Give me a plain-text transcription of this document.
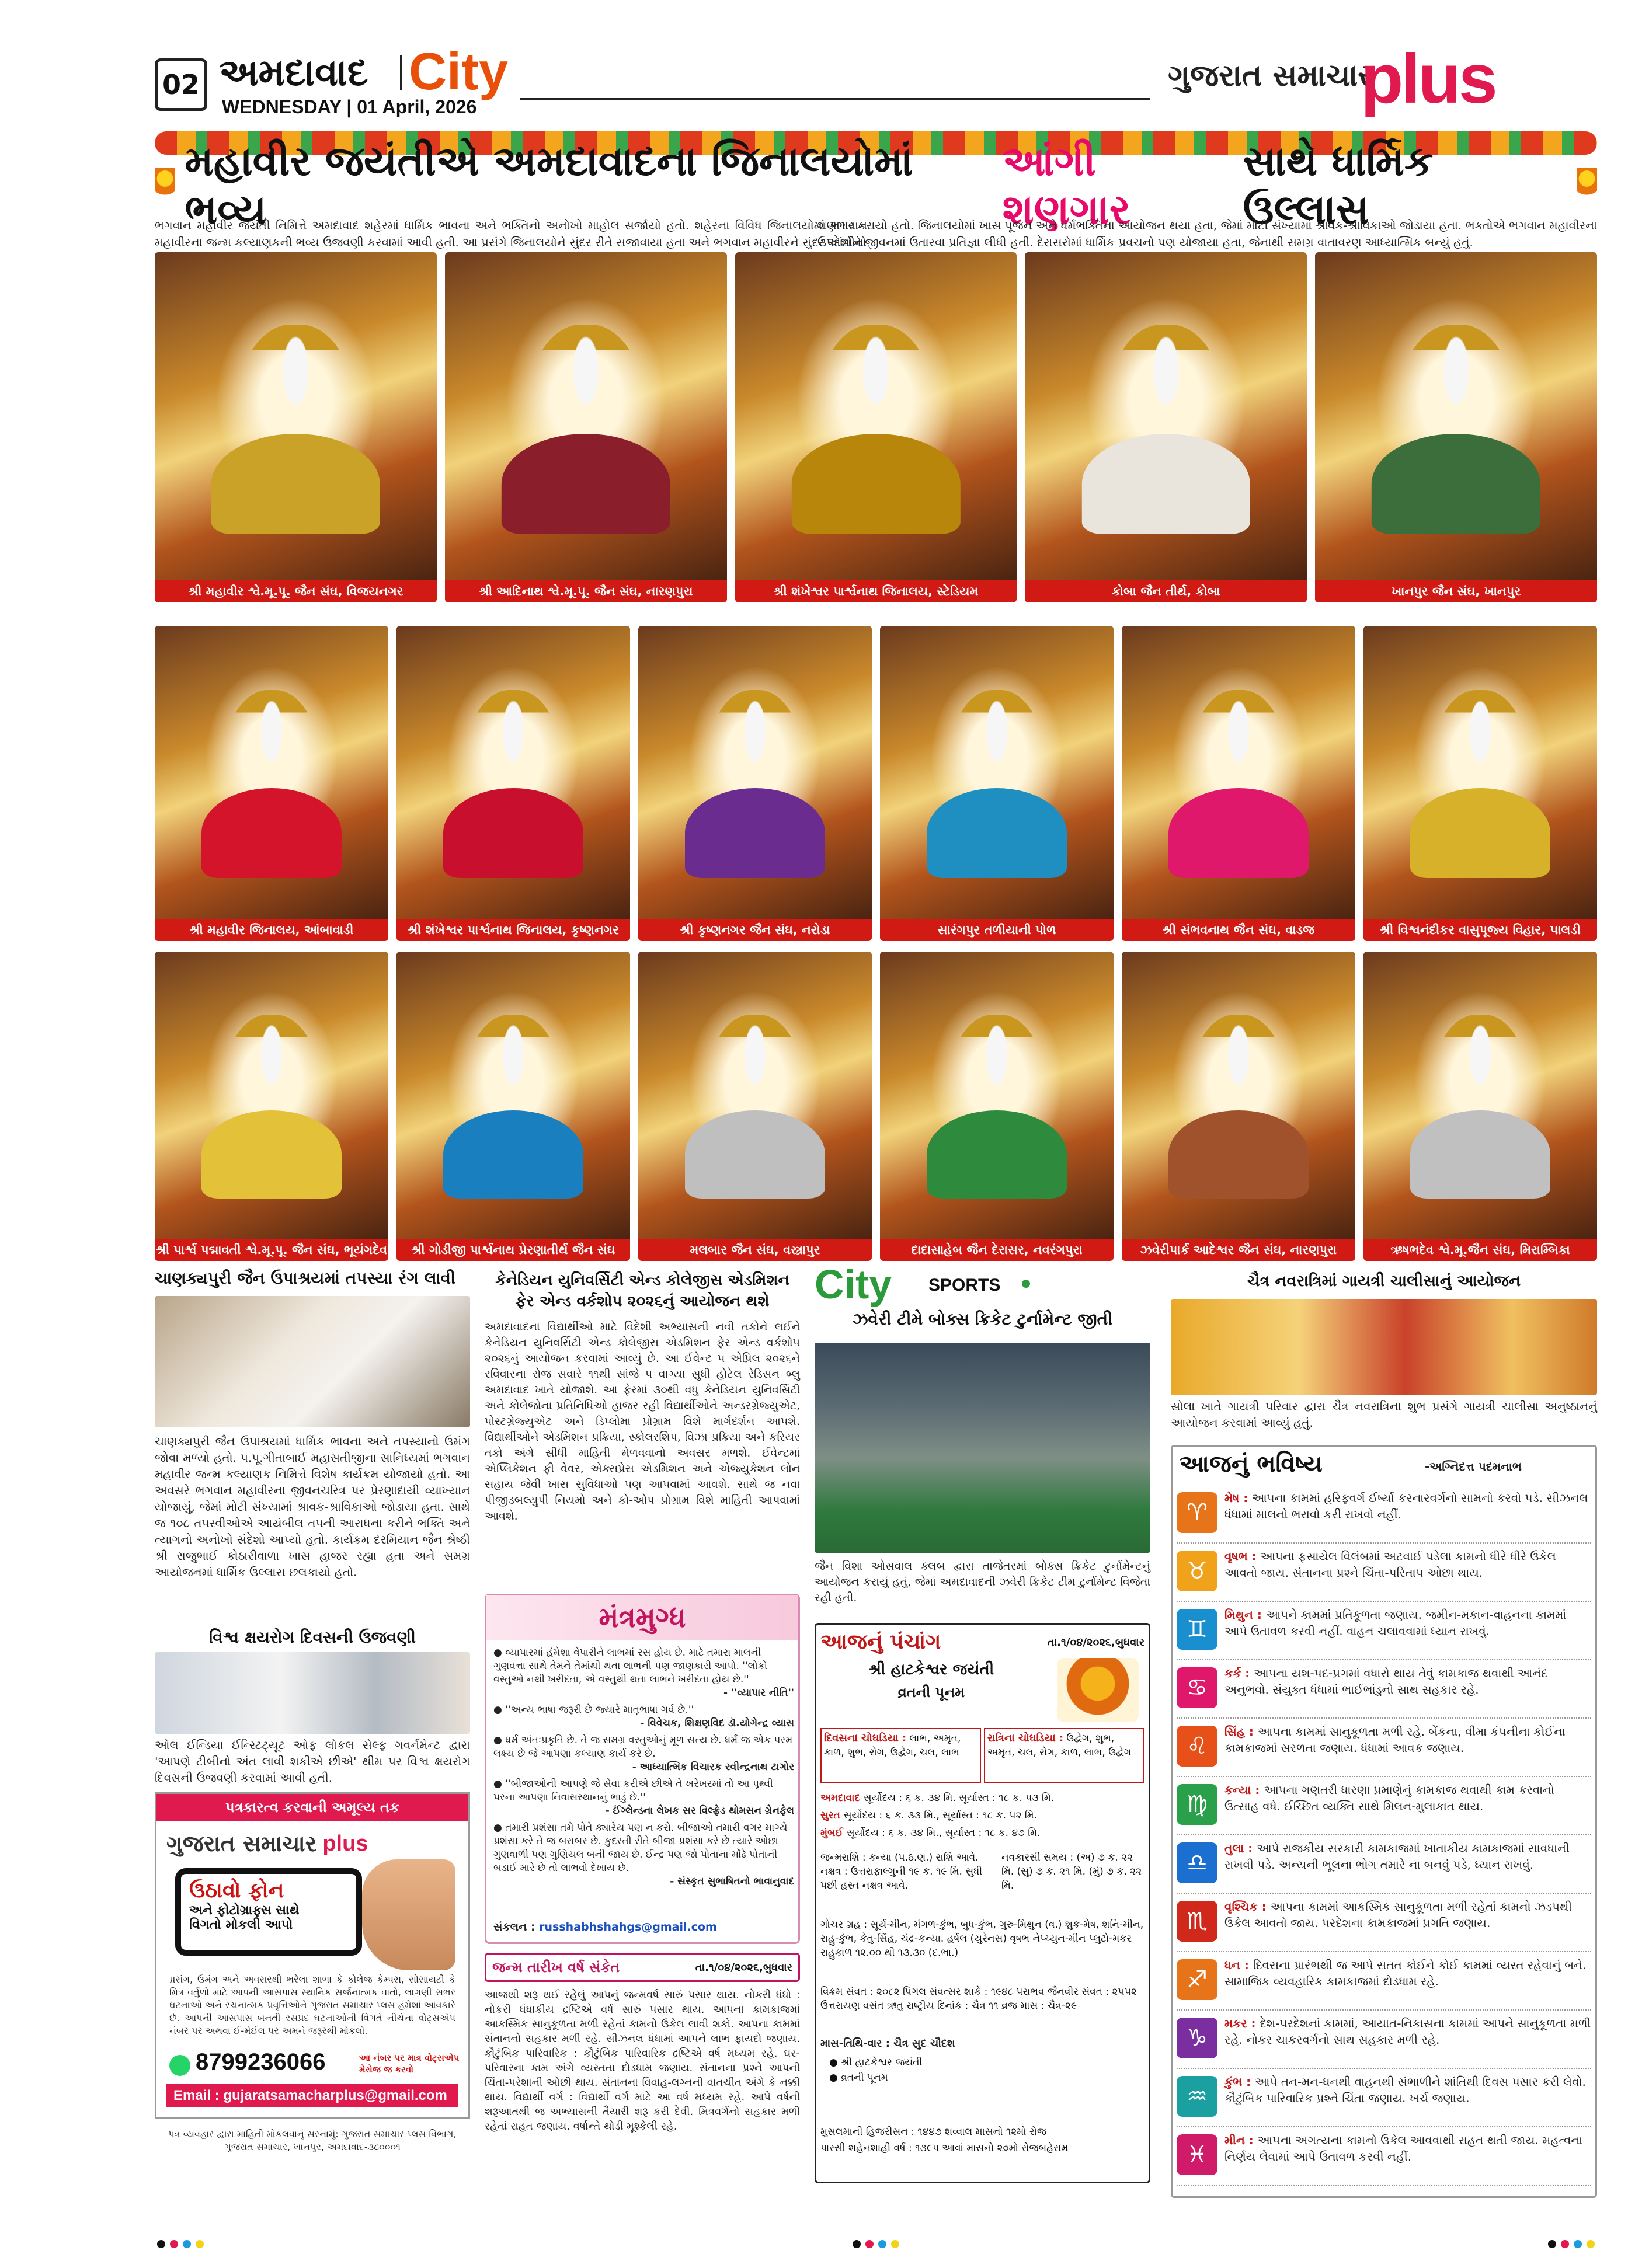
02 અમદાવાદ City
WEDNESDAY | 01 April, 2026
ગુજરાત સમાચાર
plus
મહાવીર જયંતીએ અમદાવાદના જિનાલયોમાં ભવ્ય
આંગી શણગાર
સાથે ધાર્મિક ઉલ્લાસ
ભગવાન મહાવીર જયંતી નિમિત્તે અમદાવાદ શહેરમાં ધાર્મિક ભાવના અને ભક્તિનો અનોખો માહોલ સર્જાયો હતો. શહેરના વિવિધ જિનાલયોમાં ભગવાન મહાવીરના જન્મ કલ્યાણકની ભવ્ય ઉજવણી કરવામાં આવી હતી. આ પ્રસંગે જિનાલયોને સુંદર રીતે સજાવાયા હતા અને ભગવાન મહાવીરને સુંદર આંગીનો
શણગાર કરાયો હતો. જિનાલયોમાં ખાસ પૂજન અને ધર્મભક્તિના આયોજન થયા હતા, જેમાં મોટી સંખ્યામાં શ્રાવક-શ્રાવિકાઓ જોડાયા હતા. ભક્તોએ ભગવાન મહાવીરના ઉપદેશોને જીવનમાં ઉતારવા પ્રતિજ્ઞા લીધી હતી. દેરાસરોમાં ધાર્મિક પ્રવચનો પણ યોજાયા હતા, જેનાથી સમગ્ર વાતાવરણ આધ્યાત્મિક બન્યું હતું.
શ્રી મહાવીર શ્વે.મૂ.પૂ. જૈન સંઘ, વિજયનગર	શ્રી આદિનાથ શ્વે.મૂ.પૂ. જૈન સંઘ, નારણપુરા	શ્રી શંખેશ્વર પાર્શ્વનાથ જિનાલય, સ્ટેડિયમ	કોબા જૈન તીર્થ, કોબા	ખાનપુર જૈન સંઘ, ખાનપુર
શ્રી મહાવીર જિનાલય, આંબાવાડી	શ્રી શંખેશ્વર પાર્શ્વનાથ જિનાલય, કૃષ્ણનગર	શ્રી કૃષ્ણનગર જૈન સંઘ, નરોડા	સારંગપુર તળીયાની પોળ	શ્રી સંભવનાથ જૈન સંઘ, વાડજ	શ્રી વિશ્વનંદીકર વાસુપૂજ્ય વિહાર, પાલડી
શ્રી પાર્શ્વ પદ્માવતી શ્વે.મૂ.પૂ. જૈન સંઘ, ભૂયંગદેવ	શ્રી ગોડીજી પાર્શ્વનાથ પ્રેરણાતીર્થ જૈન સંઘ	મલબાર જૈન સંઘ, વસ્ત્રાપુર	દાદાસાહેબ જૈન દેરાસર, નવરંગપુરા	ઝવેરીપાર્ક આદેશ્વર જૈન સંઘ, નારણપુરા	ઋષભદેવ શ્વે.મૂ.જૈન સંઘ, મિરામ્બિકા
ચાણક્યપુરી જૈન ઉપાશ્રયમાં તપસ્યા રંગ લાવી
ચાણક્યપુરી જૈન ઉપાશ્રયમાં ધાર્મિક ભાવના અને તપસ્યાનો ઉમંગ જોવા મળ્યો હતો. પ.પૂ.ગીતાબાઈ મહાસતીજીના સાનિધ્યમાં ભગવાન મહાવીર જન્મ કલ્યાણક નિમિત્તે વિશેષ કાર્યક્રમ યોજાયો હતો. આ અવસરે ભગવાન મહાવીરના જીવનચરિત્ર પર પ્રેરણાદાયી વ્યાખ્યાન યોજાયું, જેમાં મોટી સંખ્યામાં શ્રાવક-શ્રાવિકાઓ જોડાયા હતા. સાથે જ ૧૦૮ તપસ્વીઓએ આયંબીલ તપની આરાધના કરીને ભક્તિ અને ત્યાગનો અનોખો સંદેશો આપ્યો હતો. કાર્યક્રમ દરમિયાન જૈન શ્રેષ્ઠી શ્રી રાજુભાઈ કોઠારીવાળા ખાસ હાજર રહ્યા હતા અને સમગ્ર આયોજનમાં ધાર્મિક ઉલ્લાસ છલકાયો હતો.
વિશ્વ ક્ષયરોગ દિવસની ઉજવણી
ઓલ ઈન્ડિયા ઈન્સ્ટિટ્યૂટ ઓફ લોકલ સેલ્ફ ગવર્નમેન્ટ દ્વારા 'આપણે ટીબીનો અંત લાવી શકીએ છીએ' થીમ પર વિશ્વ ક્ષયરોગ દિવસની ઉજવણી કરવામાં આવી હતી.
પત્રકારત્વ કરવાની અમૂલ્ય તક
ગુજરાત સમાચાર plus
ઉઠાવો ફોન
અને ફોટોગ્રાફ્સ સાથે
વિગતો મોકલી આપો
પ્રસંગ, ઉમંગ અને અવસરથી ભરેલા શાળા કે કોલેજ કેમ્પસ, સોસાયટી કે મિત્ર વર્તુળો માટે આપની આસપાસ સ્થાનિક સર્જનાત્મક વાતો, લાગણી સભર ઘટનાઓ અને રચનાત્મક પ્રવૃત્તિઓને ગુજરાત સમાચાર પ્લસ હંમેશાં આવકારે છે. આપની આસપાસ બનતી રસપ્રદ ઘટનાઓની વિગતે નીચેના વોટ્સએપ નંબર પર અથવા ઈ-મેઈલ પર અમને જરૂરથી મોકલો.
8799236066	આ નંબર પર માત્ર વોટ્સએપ મેસેજ જ કરવો
Email : gujaratsamacharplus@gmail.com
પત્ર વ્યવહાર દ્વારા માહિતી મોકલવાનું સરનામું: ગુજરાત સમાચાર પ્લસ વિભાગ, ગુજરાત સમાચાર, ખાનપુર, અમદાવાદ-૩૮૦૦૦૧
કેનેડિયન યુનિવર્સિટી એન્ડ કોલેજીસ એડમિશન ફેર એન્ડ વર્કશોપ ૨૦૨૬નું આયોજન થશે
અમદાવાદના વિદ્યાર્થીઓ માટે વિદેશી અભ્યાસની નવી તકોને લઈને કેનેડિયન યુનિવર્સિટી એન્ડ કોલેજીસ એડમિશન ફેર એન્ડ વર્કશોપ ૨૦૨૬નું આયોજન કરવામાં આવ્યું છે. આ ઈવેન્ટ ૫ એપ્રિલ ૨૦૨૬ને રવિવારના રોજ સવારે ૧૧થી સાંજે ૫ વાગ્યા સુધી હોટેલ રેડિસન બ્લુ અમદાવાદ ખાતે યોજાશે. આ ફેરમાં ૩૦થી વધુ કેનેડિયન યુનિવર્સિટી અને કોલેજોના પ્રતિનિધિઓ હાજર રહી વિદ્યાર્થીઓને અન્ડરગ્રેજ્યુએટ, પોસ્ટગ્રેજ્યુએટ અને ડિપ્લોમા પ્રોગ્રામ વિશે માર્ગદર્શન આપશે. વિદ્યાર્થીઓને એડમિશન પ્રક્રિયા, સ્કોલરશિપ, વિઝા પ્રક્રિયા અને કરિયર તકો અંગે સીધી માહિતી મેળવવાનો અવસર મળશે. ઈવેન્ટમાં એપ્લિકેશન ફી વેવર, એક્સપ્રેસ એડમિશન અને એજ્યુકેશન લોન સહાય જેવી ખાસ સુવિધાઓ પણ આપવામાં આવશે. સાથે જ નવા પીજીડબલ્યુપી નિયમો અને કો-ઓપ પ્રોગ્રામ વિશે માહિતી આપવામાં આવશે.
મંત્રમુગ્ધ
● વ્યાપારમાં હંમેશા વેપારીને લાભમાં રસ હોય છે. માટે તમારા માલની ગુણવત્તા સાથે તેમને તેમાંથી થતા લાભની પણ જાણકારી આપો. ''લોકો વસ્તુઓ નથી ખરીદતા, એ વસ્તુથી થતા લાભને ખરીદતા હોય છે.''
- ''વ્યાપાર નીતિ''
● ''અન્ય ભાષા જરૂરી છે જ્યારે માતૃભાષા ગર્વ છે.''
- વિવેચક, શિક્ષણવિદ ડૉ.યોગેન્દ્ર વ્યાસ
● ધર્મ અંતઃપ્રકૃતિ છે. તે જ સમગ્ર વસ્તુઓનું મૂળ સત્ય છે. ધર્મ જ એક પરમ લક્ષ્ય છે જે આપણા કલ્યાણ કાર્ય કરે છે.
- આધ્યાત્મિક વિચારક રવીન્દ્રનાથ ટાગોર
● ''બીજાઓની આપણે જે સેવા કરીએ છીએ તે ખરેખરમાં તો આ પૃથ્વી પરના આપણા નિવાસસ્થાનનું ભાડું છે.''
- ઈંગ્લેન્ડના લેખક સર વિલ્ફ્રેડ થોમસન ગ્રેનફેલ
● તમારી પ્રશંસા તમે પોતે ક્યારેય પણ ન કરો. બીજાઓ તમારી વગર માગ્યે પ્રશંસા કરે તે જ બરાબર છે. કુદરતી રીતે બીજા પ્રશંસા કરે છે ત્યારે ઓછા ગુણવાળી પણ ગુણિયલ બની જાય છે. ઈન્દ્ર પણ જો પોતાના મોંઢે પોતાની બડાઈ મારે છે તો લાભવો દેખાય છે.
- સંસ્કૃત સુભાષિતનો ભાવાનુવાદ
સંકલન : russhabhshahgs@gmail.com
જન્મ તારીખ વર્ષ સંકેત	તા.૧/૦૪/૨૦૨૬,બુધવાર
આજથી શરૂ થઈ રહેલું આપનું જન્મવર્ષ સારું પસાર થાય. નોકરી ધંધો : નોકરી ધંધાકીય દ્રષ્ટિએ વર્ષ સારું પસાર થાય. આપના કામકાજમાં આકસ્મિક સાનુકૂળતા મળી રહેતાં કામનો ઉકેલ લાવી શકો. આપના કામમાં સંતાનનો સહકાર મળી રહે. સીઝનલ ધંધામાં આપને લાભ ફાયદો જણાય. કૌટુંબિક પારિવારિક : કૌટુંબિક પારિવારિક દ્રષ્ટિએ વર્ષ મધ્યમ રહે. ઘર-પરિવારના કામ અંગે વ્યસ્તતા દોડધામ જણાય. સંતાનના પ્રશ્ને આપની ચિંતા-પરેશાની ઓછી થાય. સંતાનના વિવાહ-લગ્નની વાતચીત અંગે કે નક્કી થાય. વિદ્યાર્થી વર્ગ : વિદ્યાર્થી વર્ગ માટે આ વર્ષ મધ્યમ રહે. આપે વર્ષની શરૂઆતથી જ અભ્યાસની તૈયારી શરૂ કરી દેવી. મિત્રવર્ગનો સહકાર મળી રહેતાં રાહત જણાય. વર્ષાન્તે થોડી મૂશ્કેલી રહે.
City SPORTS
ઝવેરી ટીમે બોક્સ ક્રિકેટ ટુર્નામેન્ટ જીતી
જૈન વિશા ઓસવાલ ક્લબ દ્વારા તાજેતરમાં બોક્સ ક્રિકેટ ટુર્નામેન્ટનું આયોજન કરાયું હતું, જેમાં અમદાવાદની ઝવેરી ક્રિકેટ ટીમ ટુર્નામેન્ટ વિજેતા રહી હતી.
આજનું પંચાંગ	તા.૧/૦૪/૨૦૨૬,બુધવાર
શ્રી હાટકેશ્વર જયંતી
વ્રતની પૂનમ
દિવસના ચોઘડિયા : લાભ, અમૃત, કાળ, શુભ, રોગ, ઉદ્વેગ, ચલ, લાભ
રાત્રિના ચોઘડિયા : ઉદ્વેગ, શુભ, અમૃત, ચલ, રોગ, કાળ, લાભ, ઉદ્વેગ
અમદાવાદ સૂર્યોદય : ૬ ક. ૩૪ મિ. સૂર્યાસ્ત : ૧૮ ક. ૫૩ મિ.
સુરત સૂર્યોદય : ૬ ક. ૩૩ મિ., સૂર્યાસ્ત : ૧૮ ક. ૫૨ મિ.
મુંબઈ સૂર્યોદય : ૬ ક. ૩૪ મિ., સૂર્યાસ્ત : ૧૮ ક. ૪૭ મિ.
જન્મરાશિ : કન્યા (પ.ઠ.ણ.) રાશિ આવે. નક્ષત્ર : ઉત્તરાફાલ્ગુની ૧૯ ક. ૧૯ મિ. સુધી પછી હસ્ત નક્ષત્ર આવે.
નવકારસી સમય : (અ) ૭ ક. ૨૨ મિ. (સુ) ૭ ક. ૨૧ મિ. (મું) ૭ ક. ૨૨ મિ.
ગોચર ગ્રહ : સૂર્ય-મીન, મંગળ-કુંભ, બુધ-કુંભ, ગુરુ-મિથુન (વ.) શુક્ર-મેષ, શનિ-મીન, રાહુ-કુંભ, કેતુ-સિંહ, ચંદ્ર-કન્યા. હર્ષલ (યુરેનસ) વૃષભ નેપ્ચ્યુન-મીન પ્લુટો-મકર રાહુકાળ ૧૨.૦૦ થી ૧૩.૩૦ (દ.ભા.)
વિક્રમ સંવત : ૨૦૮૨ પિંગલ સંવત્સર શાકે : ૧૯૪૮ પરાભવ જૈનવીર સંવત : ૨૫૫૨ ઉત્તરાયણ વસંત ઋતુ રાષ્ટ્રીય દિનાંક : ચૈત્ર ૧૧ વ્રજ માસ : ચૈત્ર-૨૯
માસ-તિથિ-વાર : ચૈત્ર સુદ ચૌદશ
● શ્રી હાટકેશ્વર જયંતી
● વ્રતની પૂનમ
મુસલમાની હિજરીસન : ૧૪૪૭ શવ્વાલ માસનો ૧૨મો રોજ
પારસી શહેનશાહી વર્ષ : ૧૩૯૫ આવાં માસનો ૨૦મો રોજબહેરામ
ચૈત્ર નવરાત્રિમાં ગાયત્રી ચાલીસાનું આયોજન
સોલા ખાતે ગાયત્રી પરિવાર દ્વારા ચૈત્ર નવરાત્રિના શુભ પ્રસંગે ગાયત્રી ચાલીસા અનુષ્ઠાનનું આયોજન કરવામાં આવ્યું હતું.
આજનું ભવિષ્ય	-અગ્નિદત્ત પદમનાભ
♈
મેષ : આપના કામમાં હરિફવર્ગ ઈર્ષ્યા કરનારવર્ગનો સામનો કરવો પડે. સીઝનલ ધંધામાં માલનો ભરાવો કરી રાખવો નહીં.
♉
વૃષભ : આપના ફસાયેલ વિલંબમાં અટવાઈ પડેલા કામનો ધીરે ધીરે ઉકેલ આવતો જાય. સંતાનના પ્રશ્ને ચિંતા-પરિતાપ ઓછા થાય.
♊
મિથુન : આપને કામમાં પ્રતિકૂળતા જણાય. જમીન-મકાન-વાહનના કામમાં આપે ઉતાવળ કરવી નહીં. વાહન ચલાવવામાં ધ્યાન રાખવું.
♋
કર્ક : આપના યશ-પદ-પ્રગમાં વધારો થાય તેવું કામકાજ થવાથી આનંદ અનુભવો. સંયુક્ત ધંધામાં ભાઈભાંડુનો સાથ સહકાર રહે.
♌
સિંહ : આપના કામમાં સાનુકૂળતા મળી રહે. બેંકના, વીમા કંપનીના કોઈના કામકાજમાં સરળતા જણાય. ધંધામાં આવક જણાય.
♍
કન્યા : આપના ગણતરી ધારણા પ્રમાણેનું કામકાજ થવાથી કામ કરવાનો ઉત્સાહ વધે. ઈચ્છિત વ્યક્તિ સાથે મિલન-મુલાકાત થાય.
♎
તુલા : આપે રાજકીય સરકારી કામકાજમાં ખાતાકીય કામકાજમાં સાવધાની રાખવી પડે. અન્યની ભૂલના ભોગ તમારે ના બનવું પડે, ધ્યાન રાખવું.
♏
વૃશ્ચિક : આપના કામમાં આકસ્મિક સાનુકૂળતા મળી રહેતાં કામનો ઝડપથી ઉકેલ આવતો જાય. પરદેશના કામકાજમાં પ્રગતિ જણાય.
♐
ધન : દિવસના પ્રારંભથી જ આપે સતત કોઈને કોઈ કામમાં વ્યસ્ત રહેવાનું બને. સામાજિક વ્યવહારિક કામકાજમાં દોડધામ રહે.
♑
મકર : દેશ-પરદેશનાં કામમાં, આયાત-નિકાસના કામમાં આપને સાનુકૂળતા મળી રહે. નોકર ચાકરવર્ગનો સાથ સહકાર મળી રહે.
♒
કુંભ : આપે તન-મન-ધનથી વાહનથી સંભાળીને શાંતિથી દિવસ પસાર કરી લેવો. કૌટુંબિક પારિવારિક પ્રશ્ને ચિંતા જણાય. ખર્ચ જણાય.
♓
મીન : આપના અગત્યના કામનો ઉકેલ આવવાથી રાહત થતી જાય. મહત્વના નિર્ણય લેવામાં આપે ઉતાવળ કરવી નહીં.
